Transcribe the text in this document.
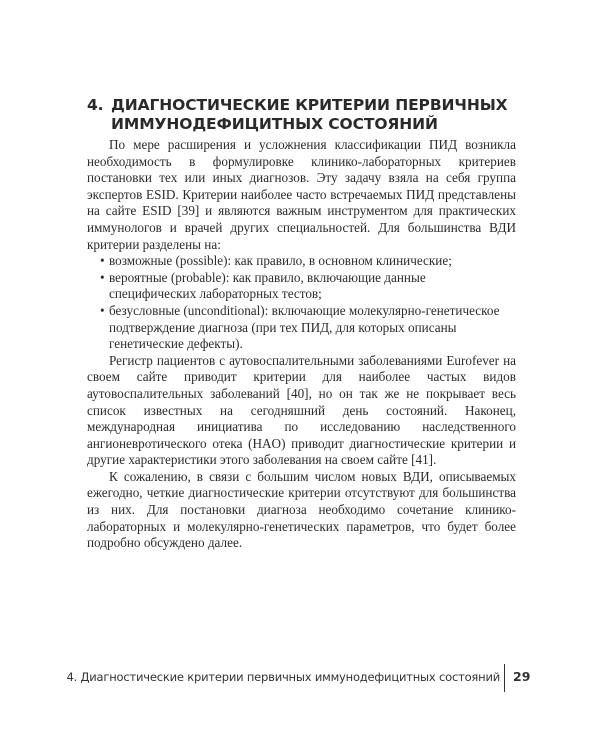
4. ДИАГНОСТИЧЕСКИЕ КРИТЕРИИ ПЕРВИЧНЫХ
ИММУНОДЕФИЦИТНЫХ СОСТОЯНИЙ

По мере расширения и усложнения классификации ПИД возникла необходимость в формулировке клинико-лабораторных критериев постановки тех или иных диагнозов. Эту задачу взяла на себя группа экспертов ESID. Критерии наиболее часто встречаемых ПИД представлены на сайте ESID [39] и являются важным инструментом для практических иммунологов и врачей других специальностей. Для большинства ВДИ критерии разделены на:

• возможные (possible): как правило, в основном клинические;
• вероятные (probable): как правило, включающие данные специфических лабораторных тестов;
• безусловные (unconditional): включающие молекулярно-генетическое подтверждение диагноза (при тех ПИД, для которых описаны генетические дефекты).

Регистр пациентов с аутовоспалительными заболеваниями Eurofever на своем сайте приводит критерии для наиболее частых видов аутовоспалительных заболеваний [40], но он так же не покрывает весь список известных на сегодняшний день состояний. Наконец, международная инициатива по исследованию наследственного ангионевротического отека (HAO) приводит диагностические критерии и другие характеристики этого заболевания на своем сайте [41].

К сожалению, в связи с большим числом новых ВДИ, описываемых ежегодно, четкие диагностические критерии отсутствуют для большинства из них. Для постановки диагноза необходимо сочетание клинико-лабораторных и молекулярно-генетических параметров, что будет более подробно обсуждено далее.

4. Диагностические критерии первичных иммунодефицитных состояний 29
